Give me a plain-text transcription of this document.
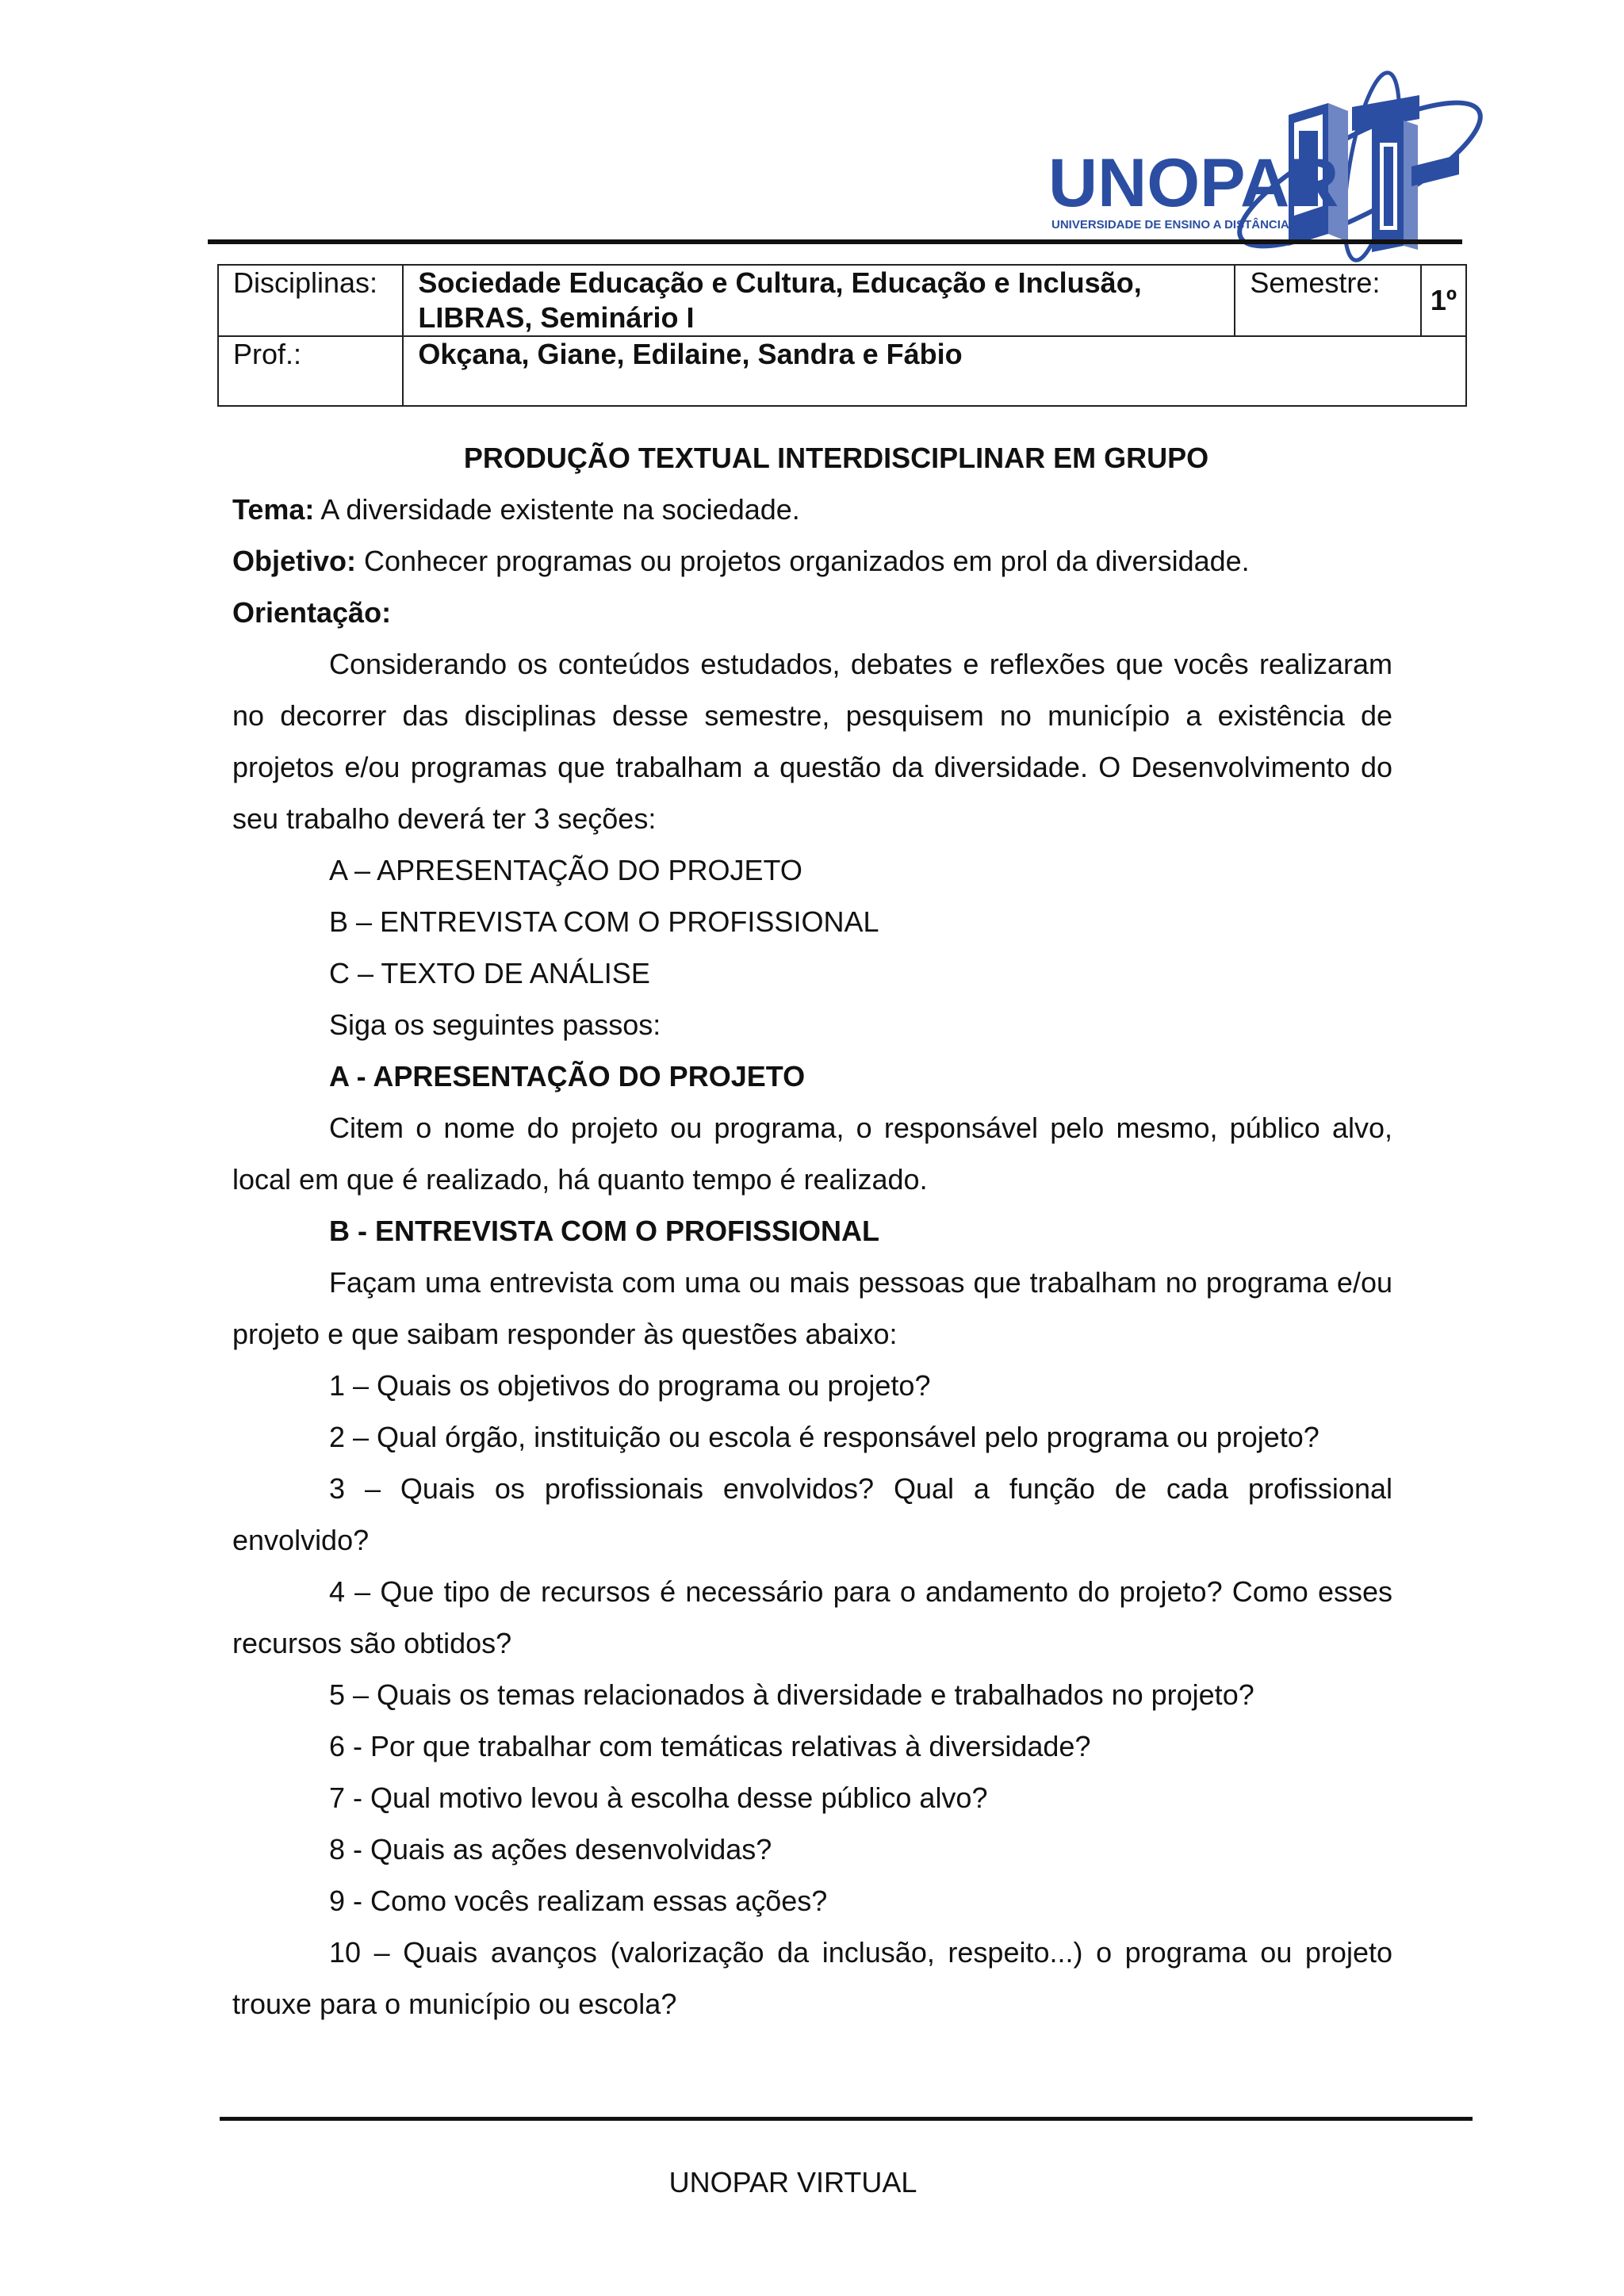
UNOPAR
UNIVERSIDADE DE ENSINO A DISTÂNCIA
Disciplinas:	Sociedade Educação e Cultura, Educação e Inclusão, LIBRAS, Seminário I	Semestre:	1º
Prof.:	Okçana, Giane, Edilaine, Sandra e Fábio		

PRODUÇÃO TEXTUAL INTERDISCIPLINAR EM GRUPO

Tema: A diversidade existente na sociedade.

Objetivo: Conhecer programas ou projetos organizados em prol da diversidade.

Orientação:

Considerando os conteúdos estudados, debates e reflexões que vocês realizaram no decorrer das disciplinas desse semestre, pesquisem no município a existência de projetos e/ou programas que trabalham a questão da diversidade. O Desenvolvimento do seu trabalho deverá ter 3 seções:

A – APRESENTAÇÃO DO PROJETO

B – ENTREVISTA COM O PROFISSIONAL

C – TEXTO DE ANÁLISE

Siga os seguintes passos:

A - APRESENTAÇÃO DO PROJETO

Citem o nome do projeto ou programa, o responsável pelo mesmo, público alvo, local em que é realizado, há quanto tempo é realizado.

B - ENTREVISTA COM O PROFISSIONAL

Façam uma entrevista com uma ou mais pessoas que trabalham no programa e/ou projeto e que saibam responder às questões abaixo:

1 – Quais os objetivos do programa ou projeto?

2 – Qual órgão, instituição ou escola é responsável pelo programa ou projeto?

3 – Quais os profissionais envolvidos? Qual a função de cada profissional envolvido?

4 – Que tipo de recursos é necessário para o andamento do projeto? Como esses recursos são obtidos?

5 – Quais os temas relacionados à diversidade e trabalhados no projeto?

6 - Por que trabalhar com temáticas relativas à diversidade?

7 - Qual motivo levou à escolha desse público alvo?

8 - Quais as ações desenvolvidas?

9 - Como vocês realizam essas ações?

10 – Quais avanços (valorização da inclusão, respeito...) o programa ou projeto trouxe para o município ou escola?

UNOPAR VIRTUAL
